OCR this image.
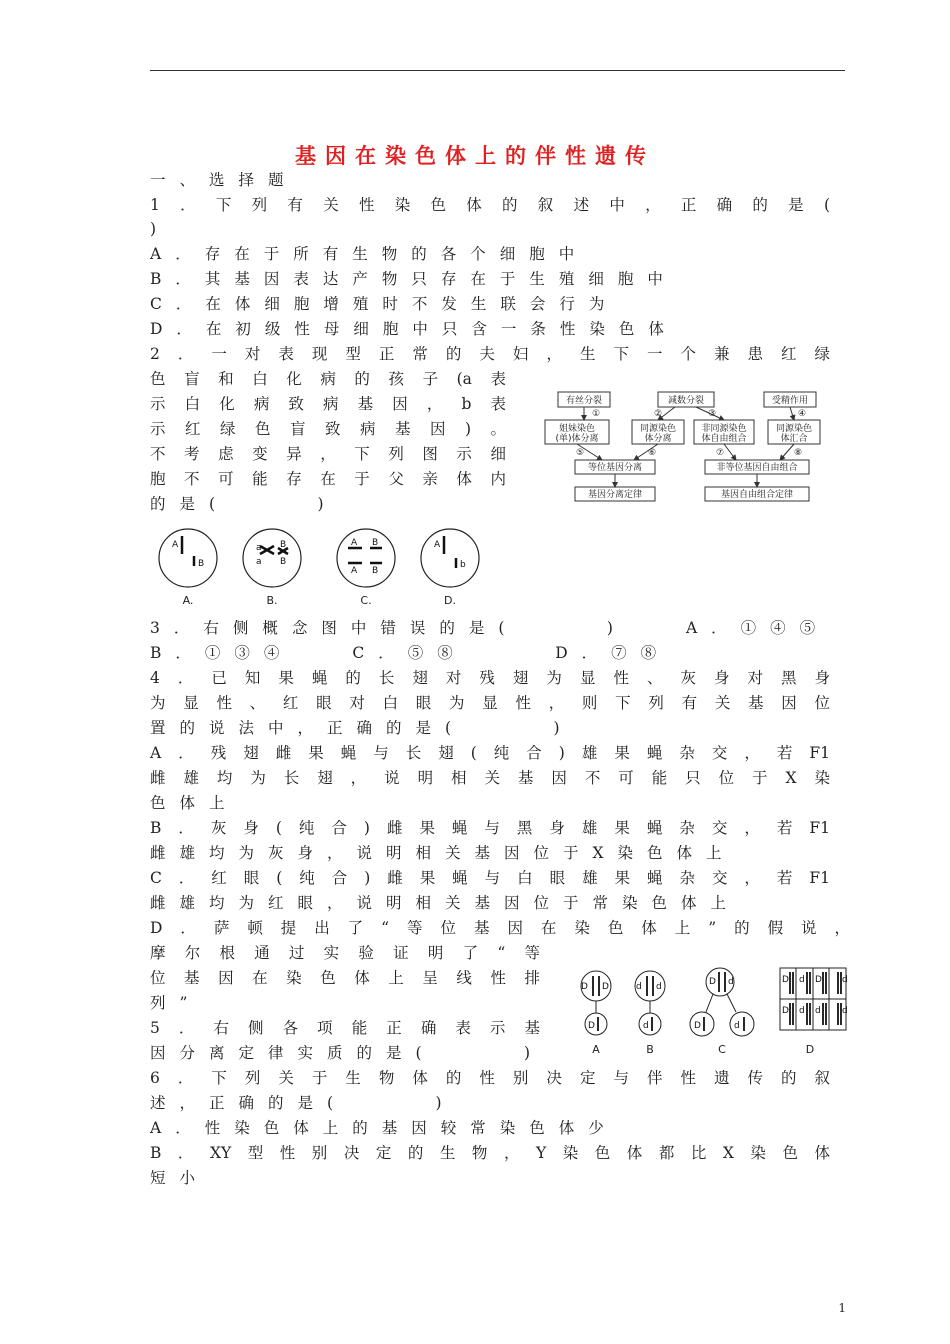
基因在染色体上的伴性遗传
一、选择题
1．下列有关性染色体的叙述中，正确的是(
)
A．存在于所有生物的各个细胞中
B．其基因表达产物只存在于生殖细胞中
C．在体细胞增殖时不发生联会行为
D．在初级性母细胞中只含一条性染色体
2．一对表现型正常的夫妇，生下一个兼患红绿
色盲和白化病的孩子(a表
示白化病致病基因，b表
示红绿色盲致病基因)。
不考虑变异，下列图示细
胞不可能存在于父亲体内
的是(　　　)
有丝分裂	减数分裂	受精作用
①	②	③	④
姐妹染色
(单)体分离
同源染色
体分离
非同源染色
体自由组合
同源染色
体汇合
⑤	⑥	⑦	⑧
等位基因分离	非等位基因自由组合
基因分离定律	基因自由组合定律
A
B
a B
a B
A B
A B
A
b
A.	B.	C.	D.
3．右侧概念图中错误的是(　　　)　　A．①④⑤
B．①③④　　C．⑤⑧　　　D．⑦⑧
4．已知果蝇的长翅对残翅为显性、灰身对黑身
为显性、红眼对白眼为显性，则下列有关基因位
置的说法中，正确的是(　　　)
A．残翅雌果蝇与长翅(纯合)雄果蝇杂交，若F1
雌雄均为长翅，说明相关基因不可能只位于X染
色体上
B．灰身(纯合)雌果蝇与黑身雄果蝇杂交，若F1
雌雄均为灰身，说明相关基因位于X染色体上
C．红眼(纯合)雌果蝇与白眼雄果蝇杂交，若F1
雌雄均为红眼，说明相关基因位于常染色体上
D．萨顿提出了“等位基因在染色体上”的假说，
摩尔根通过实验证明了“等
位基因在染色体上呈线性排
列”
5．右侧各项能正确表示基
因分离定律实质的是(　　　)
D D
D
d d
d
D d
D	d
D d D d
D d d d
A	B	C	D
6．下列关于生物体的性别决定与伴性遗传的叙
述，正确的是(　　　)
A．性染色体上的基因较常染色体少
B．XY型性别决定的生物，Y染色体都比X染色体
短小
1
